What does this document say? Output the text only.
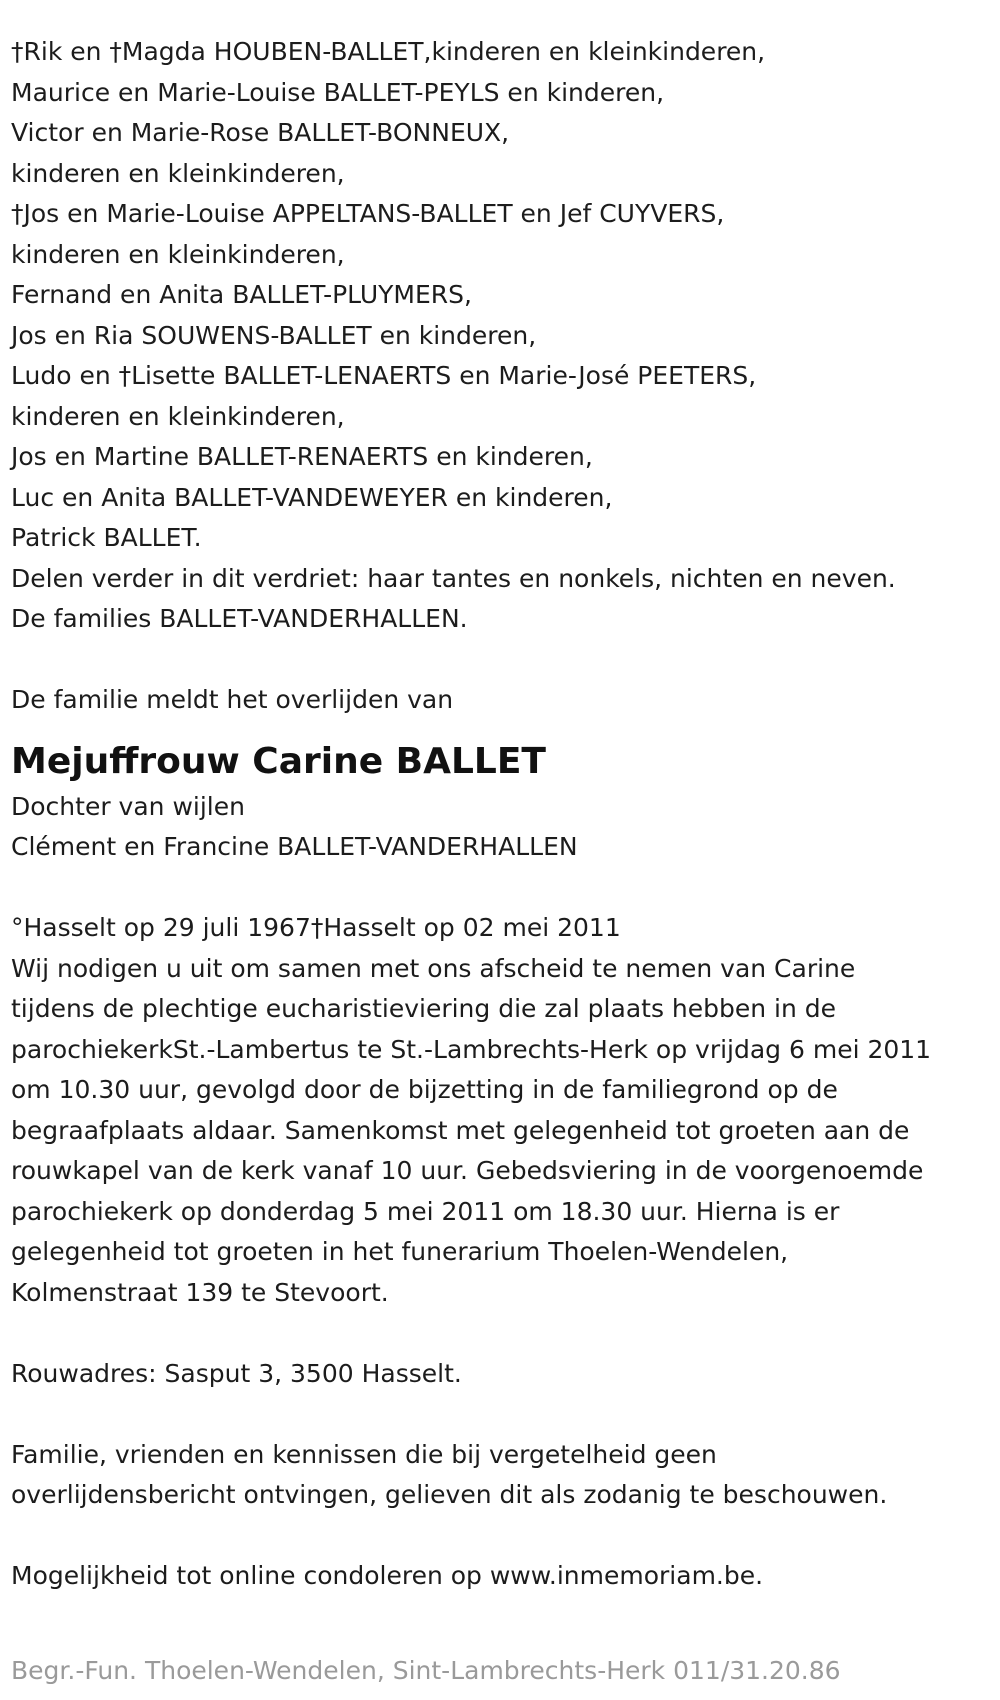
†Rik en †Magda HOUBEN-BALLET,kinderen en kleinkinderen,
Maurice en Marie-Louise BALLET-PEYLS en kinderen,
Victor en Marie-Rose BALLET-BONNEUX,
kinderen en kleinkinderen,
†Jos en Marie-Louise APPELTANS-BALLET en Jef CUYVERS,
kinderen en kleinkinderen,
Fernand en Anita BALLET-PLUYMERS,
Jos en Ria SOUWENS-BALLET en kinderen,
Ludo en †Lisette BALLET-LENAERTS en Marie-José PEETERS,
kinderen en kleinkinderen,
Jos en Martine BALLET-RENAERTS en kinderen,
Luc en Anita BALLET-VANDEWEYER en kinderen,
Patrick BALLET.
Delen verder in dit verdriet: haar tantes en nonkels, nichten en neven.
De families BALLET-VANDERHALLEN.
De familie meldt het overlijden van
Mejuffrouw Carine BALLET
Dochter van wijlen
Clément en Francine BALLET-VANDERHALLEN
°Hasselt op 29 juli 1967†Hasselt op 02 mei 2011
Wij nodigen u uit om samen met ons afscheid te nemen van Carine
tijdens de plechtige eucharistieviering die zal plaats hebben in de
parochiekerkSt.-Lambertus te St.-Lambrechts-Herk op vrijdag 6 mei 2011
om 10.30 uur, gevolgd door de bijzetting in de familiegrond op de
begraafplaats aldaar. Samenkomst met gelegenheid tot groeten aan de
rouwkapel van de kerk vanaf 10 uur. Gebedsviering in de voorgenoemde
parochiekerk op donderdag 5 mei 2011 om 18.30 uur. Hierna is er
gelegenheid tot groeten in het funerarium Thoelen-Wendelen,
Kolmenstraat 139 te Stevoort.
Rouwadres: Sasput 3, 3500 Hasselt.
Familie, vrienden en kennissen die bij vergetelheid geen
overlijdensbericht ontvingen, gelieven dit als zodanig te beschouwen.
Mogelijkheid tot online condoleren op www.inmemoriam.be.
Begr.-Fun. Thoelen-Wendelen, Sint-Lambrechts-Herk 011/31.20.86
